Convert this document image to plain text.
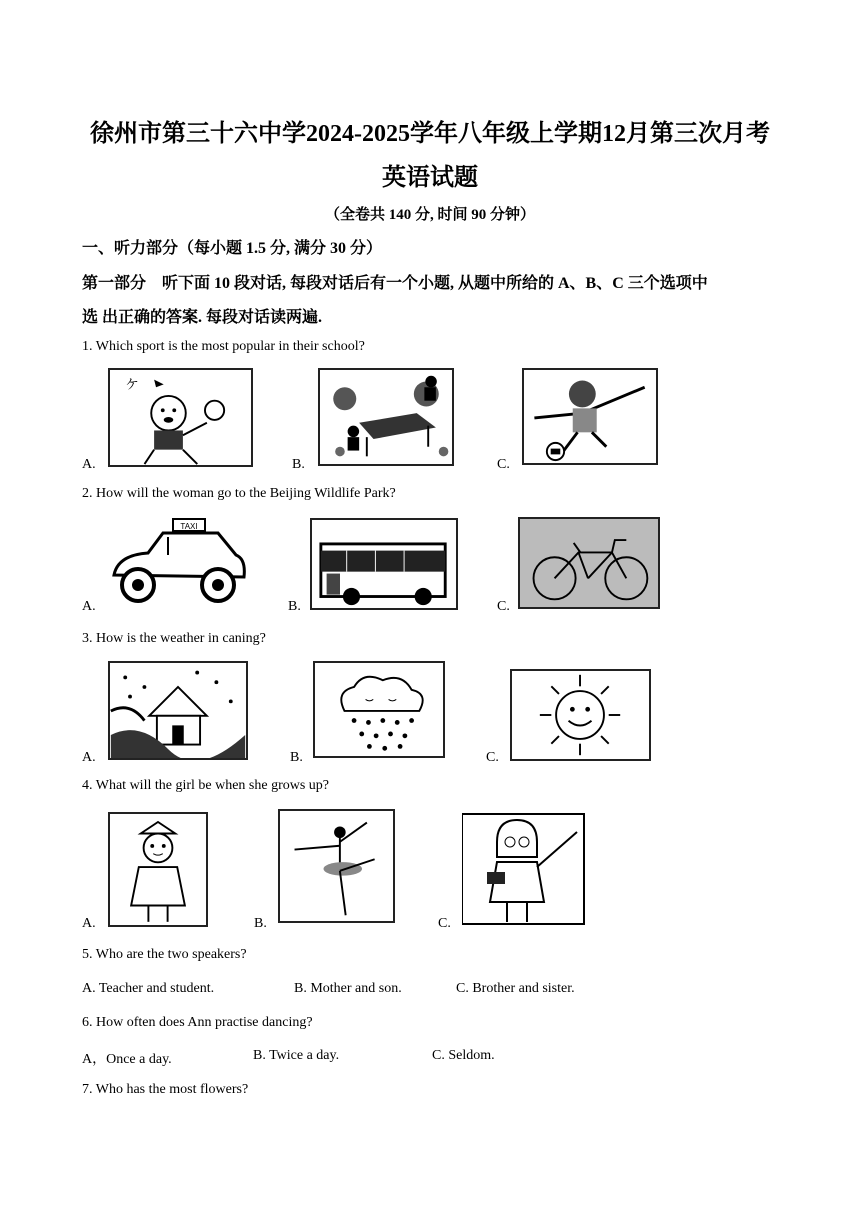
徐州市第三十六中学2024-2025学年八年级上学期12月第三次月考
英语试题
（全卷共 140 分, 时间 90 分钟）
一、听力部分（每小题 1.5 分, 满分 30 分）
第一部分　听下面 10 段对话, 每段对话后有一个小题, 从题中所给的 A、B、C 三个选项中
选 出正确的答案. 每段对话读两遍.
1. Which sport is the most popular in their school?
A.
ケ
B.	C.
2. How will the woman go to the Beijing Wildlife Park?
A.
TAXI
B.	C.
3. How is the weather in caning?
A.	B.	C.
4. What will the girl be when she grows up?
A.	B.	C.
5. Who are the two speakers?
A. Teacher and student.	B. Mother and son.	C. Brother and sister.
6. How often does Ann practise dancing?
A，Once a day.	B. Twice a day.	C. Seldom.
7. Who has the most flowers?
